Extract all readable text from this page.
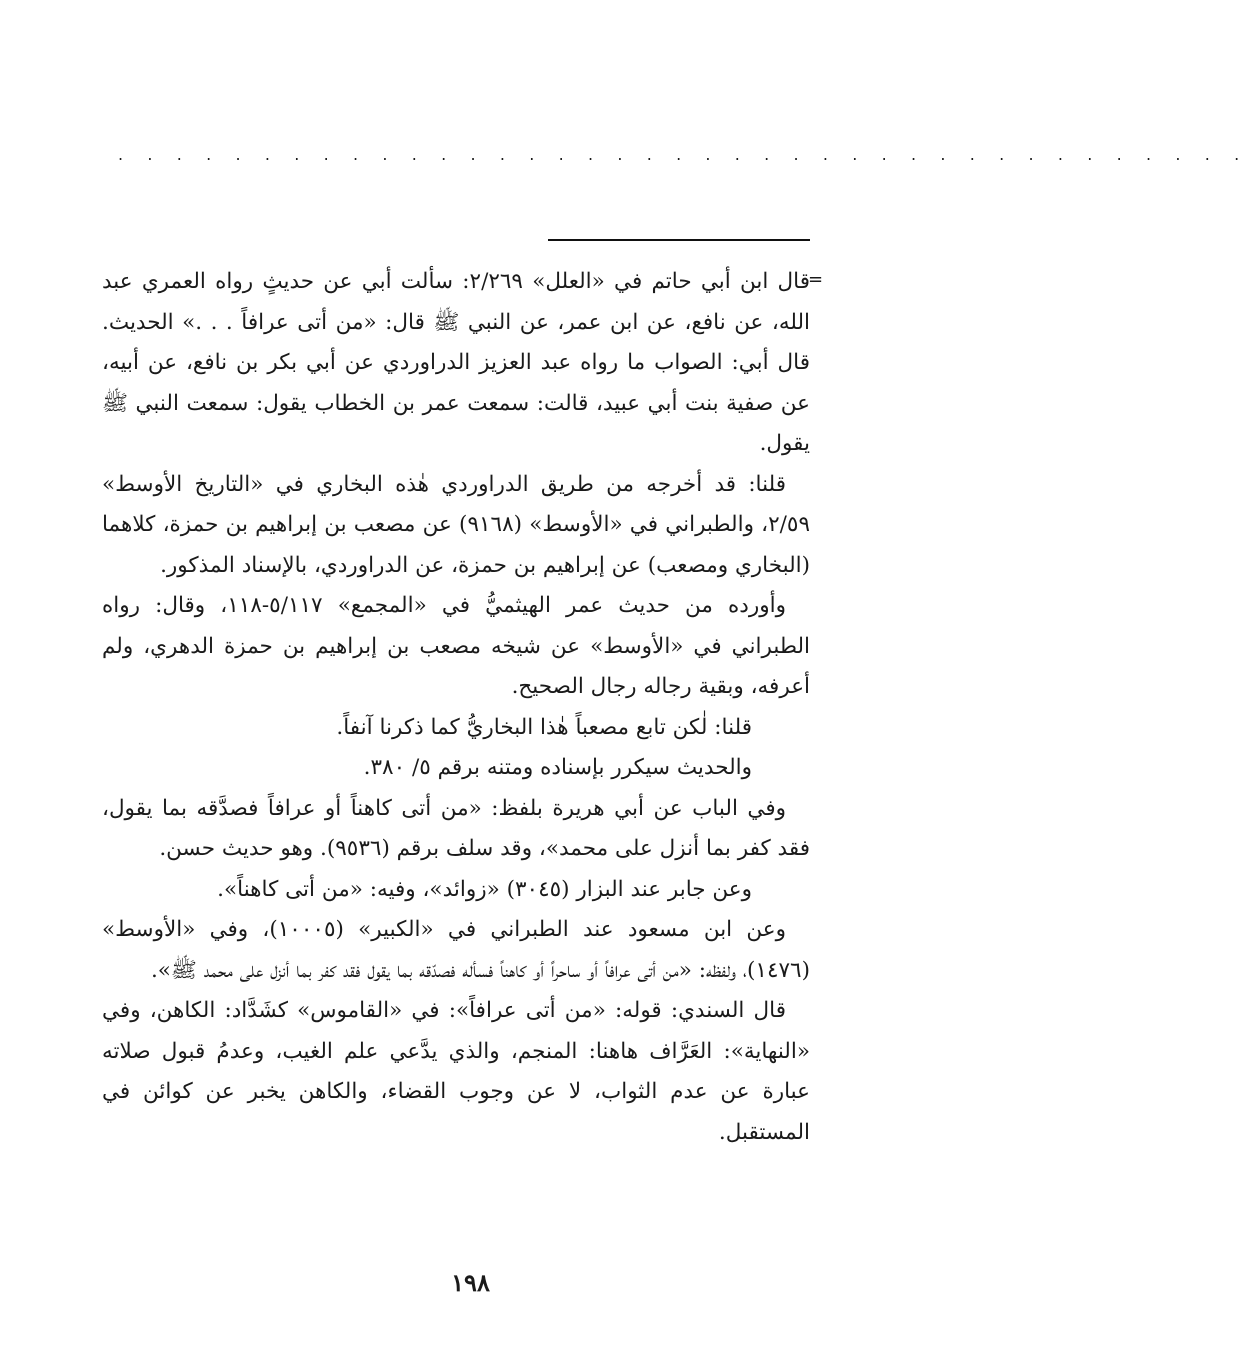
. . . . . . . . . . . . . . . . . . . . . . . . . . . . . . . . . . . . . . .
=

قال ابن أبي حاتم في «العلل» ٢/٢٦٩: سألت أبي عن حديثٍ رواه العمري عبد الله، عن نافع، عن ابن عمر، عن النبي ﷺ قال: «من أتى عرافاً . . .» الحديث. قال أبي: الصواب ما رواه عبد العزيز الدراوردي عن أبي بكر بن نافع، عن أبيه، عن صفية بنت أبي عبيد، قالت: سمعت عمر بن الخطاب يقول: سمعت النبي ﷺ يقول.

قلنا: قد أخرجه من طريق الدراوردي هٰذه البخاري في «التاريخ الأوسط» ٢/٥٩، والطبراني في «الأوسط» (٩١٦٨) عن مصعب بن إبراهيم بن حمزة، كلاهما (البخاري ومصعب) عن إبراهيم بن حمزة، عن الدراوردي، بالإسناد المذكور.

وأورده من حديث عمر الهيثميُّ في «المجمع» ٥/١١٧-١١٨، وقال: رواه الطبراني في «الأوسط» عن شيخه مصعب بن إبراهيم بن حمزة الدهري، ولم أعرفه، وبقية رجاله رجال الصحيح.

قلنا: لٰكن تابع مصعباً هٰذا البخاريُّ كما ذكرنا آنفاً.

والحديث سيكرر بإسناده ومتنه برقم ٥/ ٣٨٠.

وفي الباب عن أبي هريرة بلفظ: «من أتى كاهناً أو عرافاً فصدَّقه بما يقول، فقد كفر بما أنزل على محمد»، وقد سلف برقم (٩٥٣٦). وهو حديث حسن.

وعن جابر عند البزار (٣٠٤٥) «زوائد»، وفيه: «من أتى كاهناً».

وعن ابن مسعود عند الطبراني في «الكبير» (١٠٠٠٥)، وفي «الأوسط» (١٤٧٦)، ولفظه: «من أتى عرافاً أو ساحراً أو كاهناً فسأله فصدّقه بما يقول فقد كفر بما أنزل على محمد ﷺ».

قال السندي: قوله: «من أتى عرافاً»: في «القاموس» كشَدَّاد: الكاهن، وفي «النهاية»: العَرَّاف هاهنا: المنجم، والذي يدَّعي علم الغيب، وعدمُ قبول صلاته عبارة عن عدم الثواب، لا عن وجوب القضاء، والكاهن يخبر عن كوائن في المستقبل.

١٩٨
